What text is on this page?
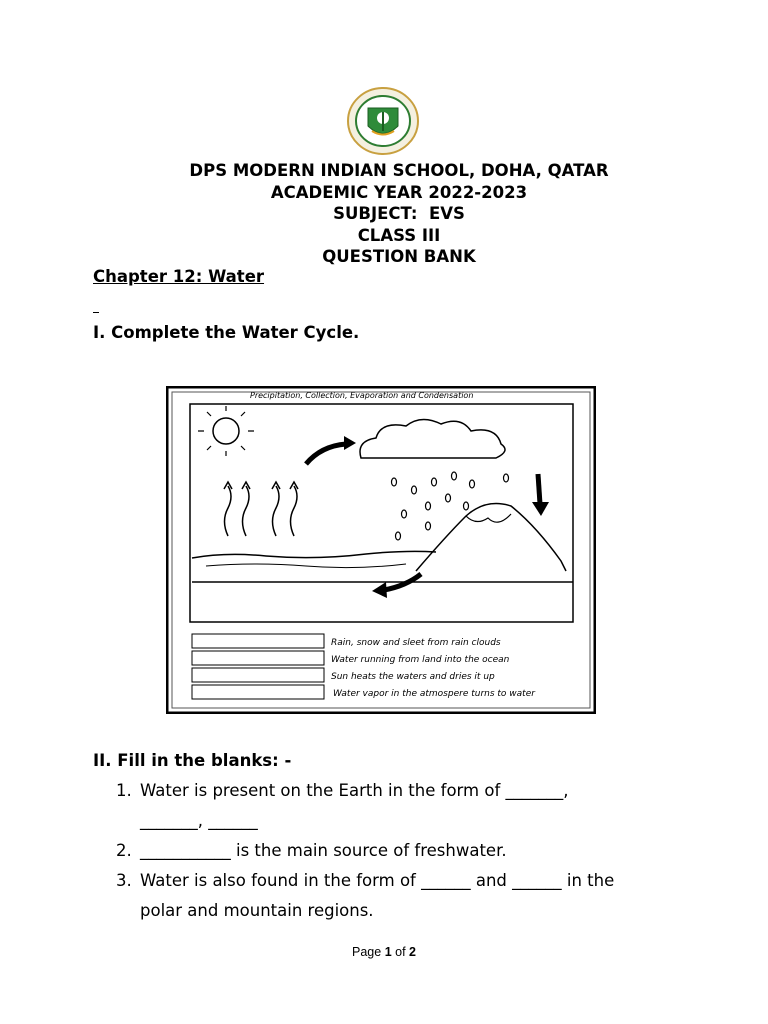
DPS MODERN INDIAN SCHOOL, DOHA, QATAR
ACADEMIC YEAR 2022-2023
SUBJECT:  EVS
CLASS III
QUESTION BANK
Chapter 12: Water
I. Complete the Water Cycle.
Precipitation, Collection, Evaporation and Condensation
Rain, snow and sleet from rain clouds
Water running from land into the ocean
Sun heats the waters and dries it up
Water vapor in the atmospere turns to water
II. Fill in the blanks: -
1. Water is present on the Earth in the form of _______,
_______, ______
2. ___________ is the main source of freshwater.
3. Water is also found in the form of ______ and ______ in the
polar and mountain regions.
Page 1 of 2
